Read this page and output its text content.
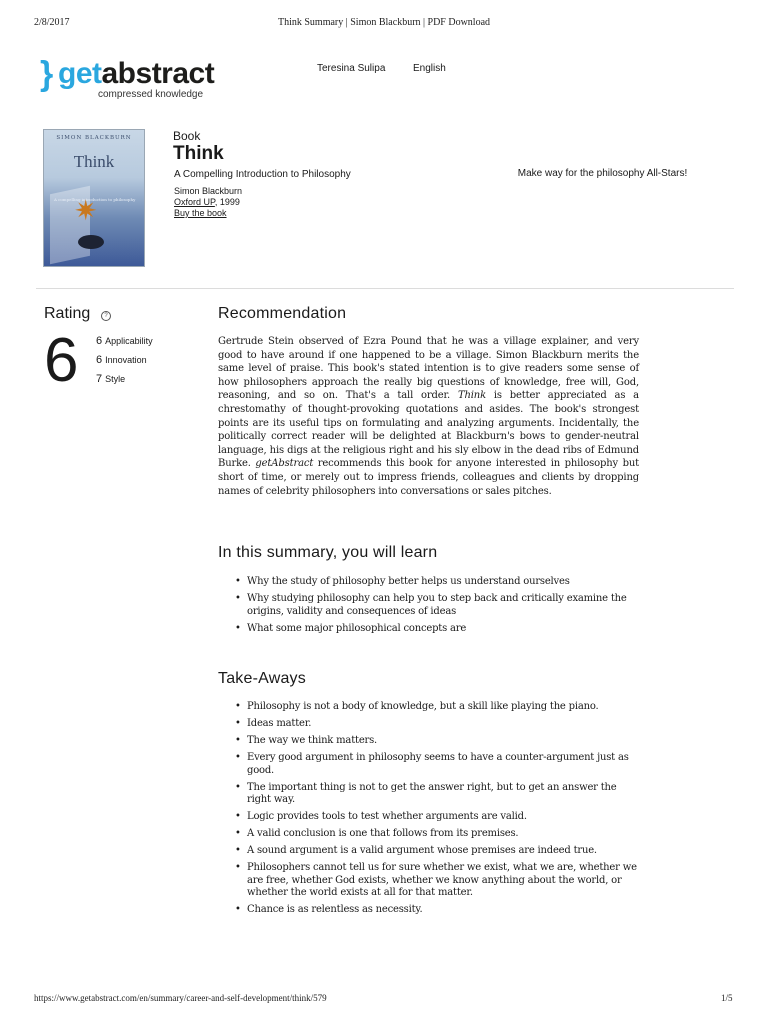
2/8/2017	Think Summary | Simon Blackburn | PDF Download
} getabstract
compressed knowledge
Teresina Sulipa	English
SIMON BLACKBURN
Think
A compelling introduction to philosophy
✷
Book
Think
A Compelling Introduction to Philosophy
Simon Blackburn
Oxford UP, 1999
Buy the book
Make way for the philosophy All-Stars!
Rating	?
6 6 Applicability
6 Innovation
7 Style
Recommendation
Gertrude Stein observed of Ezra Pound that he was a village explainer, and very good to have around if one happened to be a village. Simon Blackburn merits the same level of praise. This book's stated intention is to give readers some sense of how philosophers approach the really big questions of knowledge, free will, God, reasoning, and so on. That's a tall order. Think is better appreciated as a chrestomathy of thought-provoking quotations and asides. The book's strongest points are its useful tips on formulating and analyzing arguments. Incidentally, the politically correct reader will be delighted at Blackburn's bows to gender-neutral language, his digs at the religious right and his sly elbow in the dead ribs of Edmund Burke. getAbstract recommends this book for anyone interested in philosophy but short of time, or merely out to impress friends, colleagues and clients by dropping names of celebrity philosophers into conversations or sales pitches.
In this summary, you will learn
• Why the study of philosophy better helps us understand ourselves
• Why studying philosophy can help you to step back and critically examine the origins, validity and consequences of ideas
• What some major philosophical concepts are
Take-Aways
• Philosophy is not a body of knowledge, but a skill like playing the piano.
• Ideas matter.
• The way we think matters.
• Every good argument in philosophy seems to have a counter-argument just as good.
• The important thing is not to get the answer right, but to get an answer the right way.
• Logic provides tools to test whether arguments are valid.
• A valid conclusion is one that follows from its premises.
• A sound argument is a valid argument whose premises are indeed true.
• Philosophers cannot tell us for sure whether we exist, what we are, whether we are free, whether God exists, whether we know anything about the world, or whether the world exists at all for that matter.
• Chance is as relentless as necessity.
https://www.getabstract.com/en/summary/career-and-self-development/think/579	1/5
